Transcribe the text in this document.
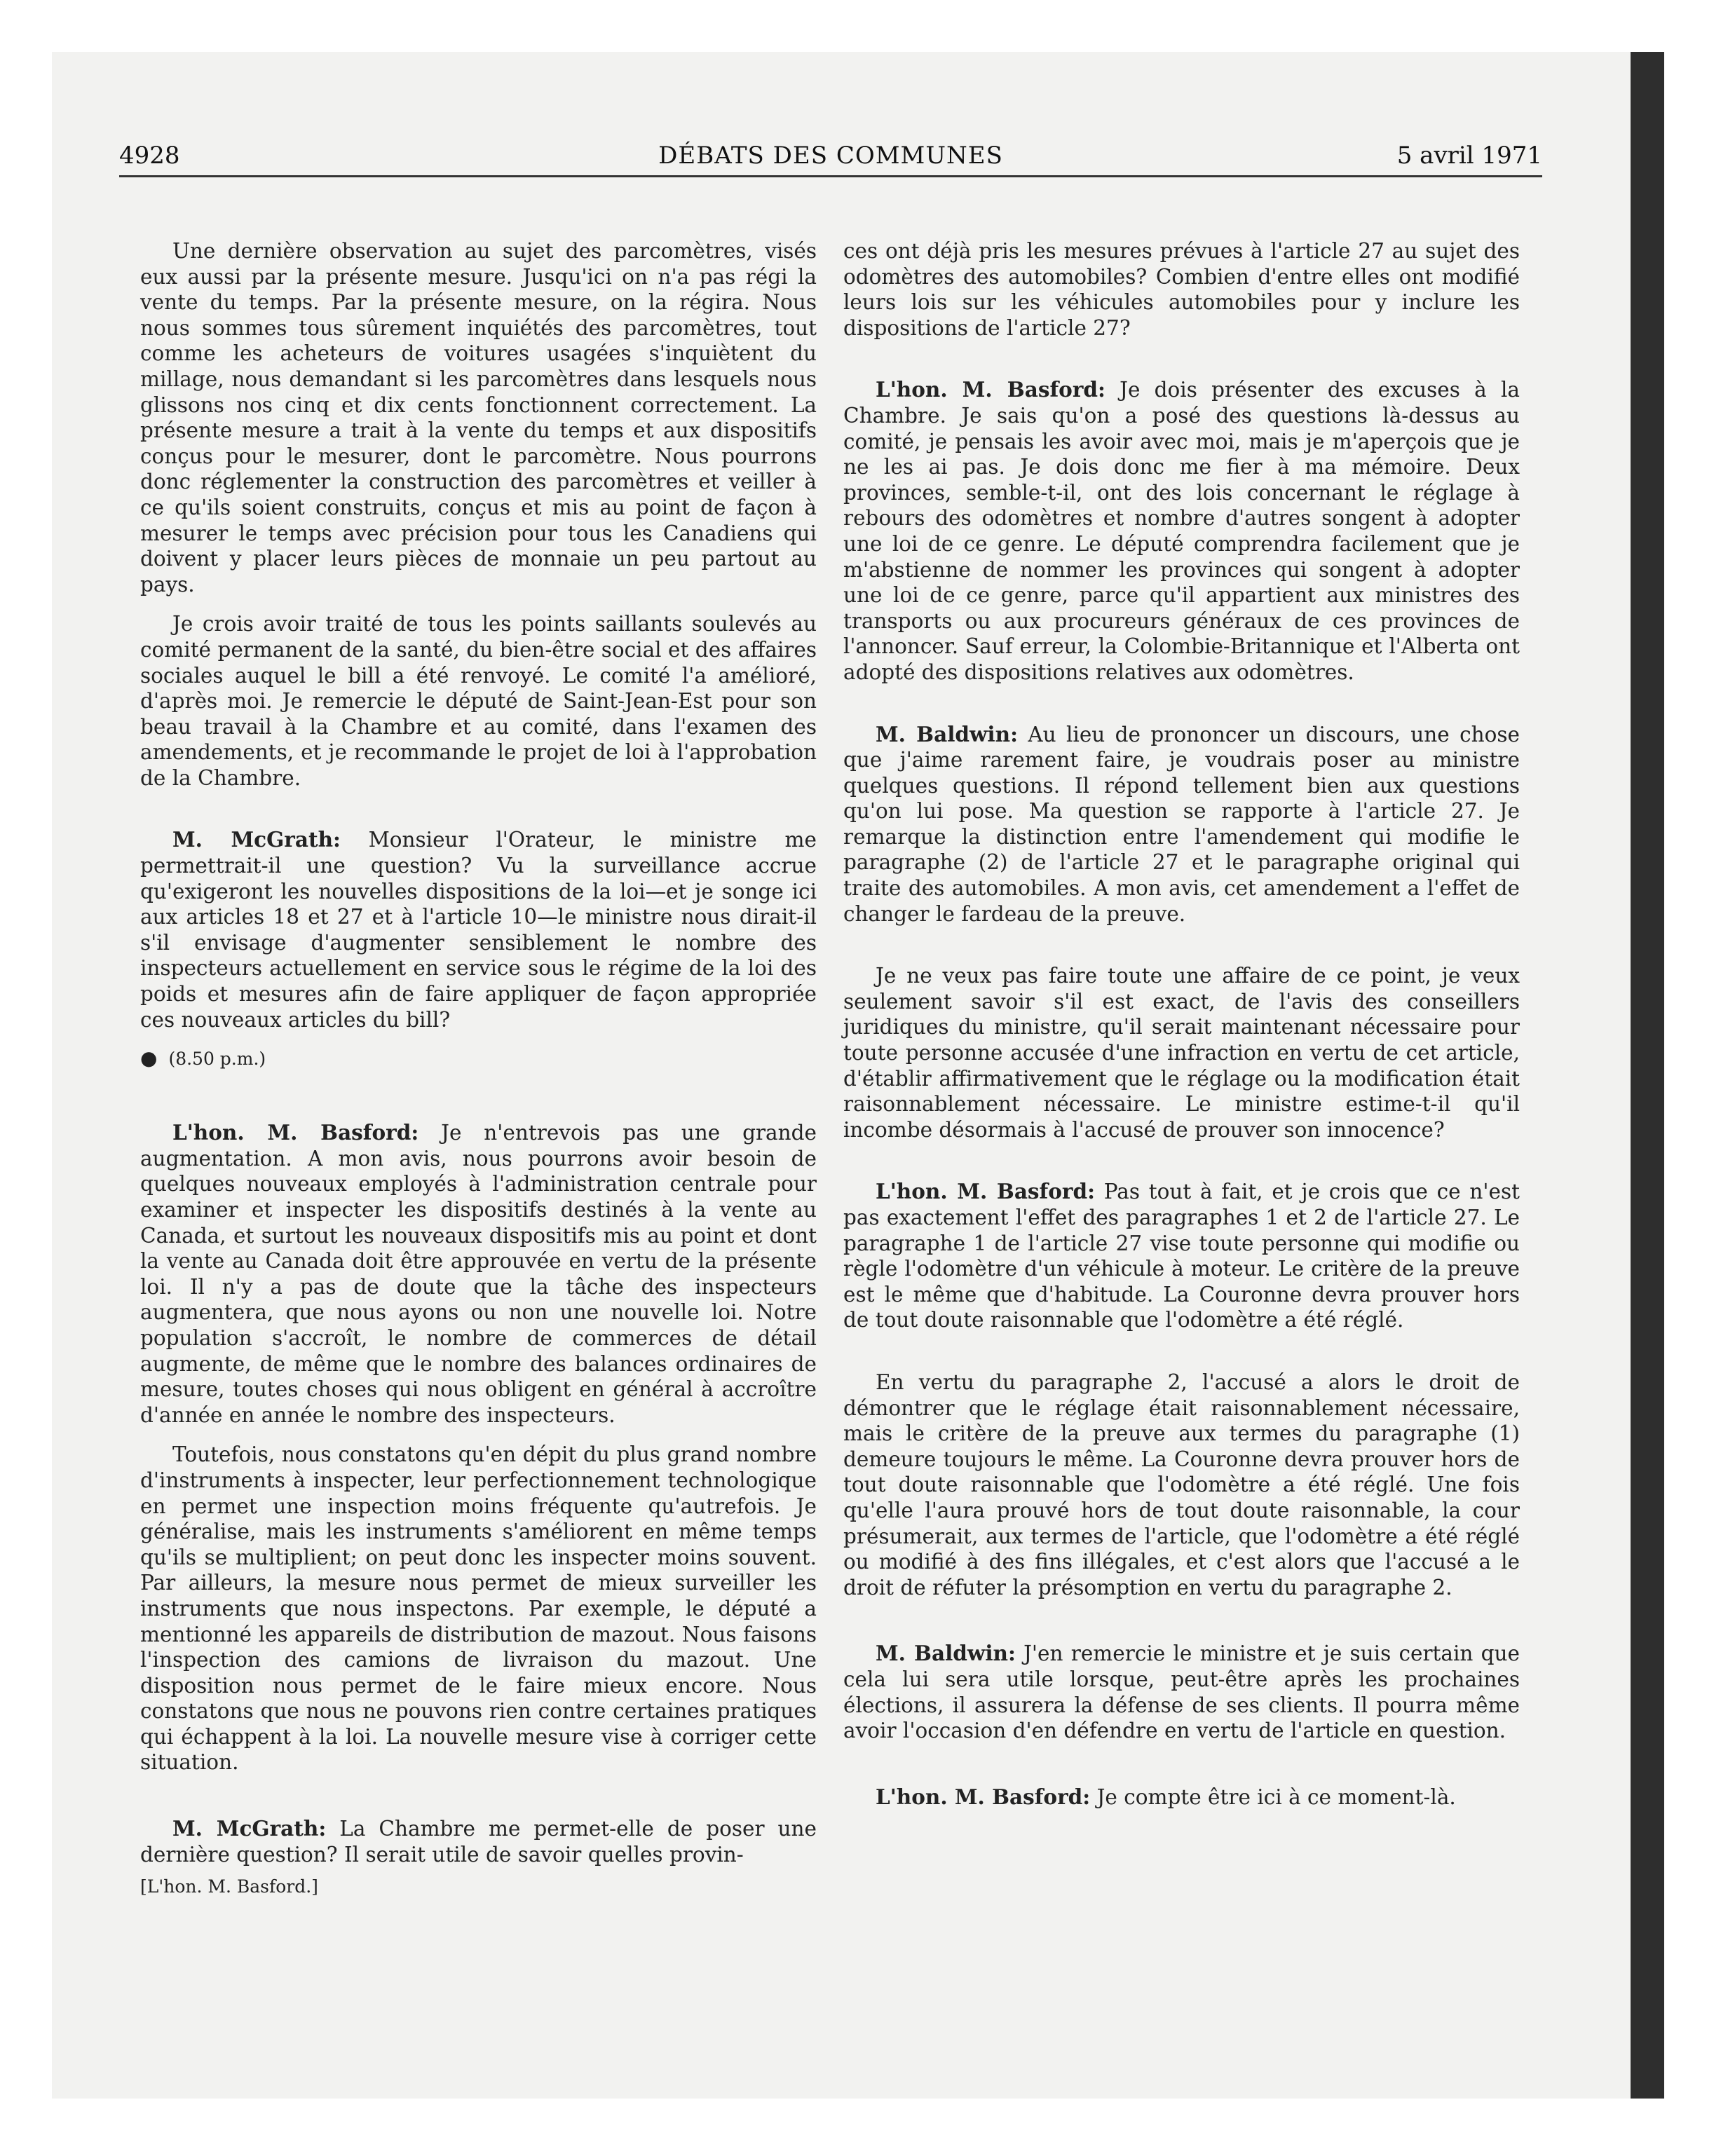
4928	DÉBATS DES COMMUNES	5 avril 1971

Une dernière observation au sujet des parcomètres, visés eux aussi par la présente mesure. Jusqu'ici on n'a pas régi la vente du temps. Par la présente mesure, on la régira. Nous nous sommes tous sûrement inquiétés des parcomètres, tout comme les acheteurs de voitures usagées s'inquiètent du millage, nous demandant si les parcomètres dans lesquels nous glissons nos cinq et dix cents fonctionnent correctement. La présente mesure a trait à la vente du temps et aux dispositifs conçus pour le mesurer, dont le parcomètre. Nous pourrons donc réglementer la construction des parcomètres et veiller à ce qu'ils soient construits, conçus et mis au point de façon à mesurer le temps avec précision pour tous les Canadiens qui doivent y placer leurs pièces de monnaie un peu partout au pays.

Je crois avoir traité de tous les points saillants soulevés au comité permanent de la santé, du bien-être social et des affaires sociales auquel le bill a été renvoyé. Le comité l'a amélioré, d'après moi. Je remercie le député de Saint-Jean-Est pour son beau travail à la Chambre et au comité, dans l'examen des amendements, et je recommande le projet de loi à l'approbation de la Chambre.

M. McGrath: Monsieur l'Orateur, le ministre me permettrait-il une question? Vu la surveillance accrue qu'exigeront les nouvelles dispositions de la loi—et je songe ici aux articles 18 et 27 et à l'article 10—le ministre nous dirait-il s'il envisage d'augmenter sensiblement le nombre des inspecteurs actuellement en service sous le régime de la loi des poids et mesures afin de faire appliquer de façon appropriée ces nouveaux articles du bill?

● (8.50 p.m.)

L'hon. M. Basford: Je n'entrevois pas une grande augmentation. A mon avis, nous pourrons avoir besoin de quelques nouveaux employés à l'administration centrale pour examiner et inspecter les dispositifs destinés à la vente au Canada, et surtout les nouveaux dispositifs mis au point et dont la vente au Canada doit être approuvée en vertu de la présente loi. Il n'y a pas de doute que la tâche des inspecteurs augmentera, que nous ayons ou non une nouvelle loi. Notre population s'accroît, le nombre de commerces de détail augmente, de même que le nombre des balances ordinaires de mesure, toutes choses qui nous obligent en général à accroître d'année en année le nombre des inspecteurs.

Toutefois, nous constatons qu'en dépit du plus grand nombre d'instruments à inspecter, leur perfectionnement technologique en permet une inspection moins fréquente qu'autrefois. Je généralise, mais les instruments s'améliorent en même temps qu'ils se multiplient; on peut donc les inspecter moins souvent. Par ailleurs, la mesure nous permet de mieux surveiller les instruments que nous inspectons. Par exemple, le député a mentionné les appareils de distribution de mazout. Nous faisons l'inspection des camions de livraison du mazout. Une disposition nous permet de le faire mieux encore. Nous constatons que nous ne pouvons rien contre certaines pratiques qui échappent à la loi. La nouvelle mesure vise à corriger cette situation.

M. McGrath: La Chambre me permet-elle de poser une dernière question? Il serait utile de savoir quelles provin-

[L'hon. M. Basford.]

ces ont déjà pris les mesures prévues à l'article 27 au sujet des odomètres des automobiles? Combien d'entre elles ont modifié leurs lois sur les véhicules automobiles pour y inclure les dispositions de l'article 27?

L'hon. M. Basford: Je dois présenter des excuses à la Chambre. Je sais qu'on a posé des questions là-dessus au comité, je pensais les avoir avec moi, mais je m'aperçois que je ne les ai pas. Je dois donc me fier à ma mémoire. Deux provinces, semble-t-il, ont des lois concernant le réglage à rebours des odomètres et nombre d'autres songent à adopter une loi de ce genre. Le député comprendra facilement que je m'abstienne de nommer les provinces qui songent à adopter une loi de ce genre, parce qu'il appartient aux ministres des transports ou aux procureurs généraux de ces provinces de l'annoncer. Sauf erreur, la Colombie-Britannique et l'Alberta ont adopté des dispositions relatives aux odomètres.

M. Baldwin: Au lieu de prononcer un discours, une chose que j'aime rarement faire, je voudrais poser au ministre quelques questions. Il répond tellement bien aux questions qu'on lui pose. Ma question se rapporte à l'article 27. Je remarque la distinction entre l'amendement qui modifie le paragraphe (2) de l'article 27 et le paragraphe original qui traite des automobiles. A mon avis, cet amendement a l'effet de changer le fardeau de la preuve.

Je ne veux pas faire toute une affaire de ce point, je veux seulement savoir s'il est exact, de l'avis des conseillers juridiques du ministre, qu'il serait maintenant nécessaire pour toute personne accusée d'une infraction en vertu de cet article, d'établir affirmativement que le réglage ou la modification était raisonnablement nécessaire. Le ministre estime-t-il qu'il incombe désormais à l'accusé de prouver son innocence?

L'hon. M. Basford: Pas tout à fait, et je crois que ce n'est pas exactement l'effet des paragraphes 1 et 2 de l'article 27. Le paragraphe 1 de l'article 27 vise toute personne qui modifie ou règle l'odomètre d'un véhicule à moteur. Le critère de la preuve est le même que d'habitude. La Couronne devra prouver hors de tout doute raisonnable que l'odomètre a été réglé.

En vertu du paragraphe 2, l'accusé a alors le droit de démontrer que le réglage était raisonnablement nécessaire, mais le critère de la preuve aux termes du paragraphe (1) demeure toujours le même. La Couronne devra prouver hors de tout doute raisonnable que l'odomètre a été réglé. Une fois qu'elle l'aura prouvé hors de tout doute raisonnable, la cour présumerait, aux termes de l'article, que l'odomètre a été réglé ou modifié à des fins illégales, et c'est alors que l'accusé a le droit de réfuter la présomption en vertu du paragraphe 2.

M. Baldwin: J'en remercie le ministre et je suis certain que cela lui sera utile lorsque, peut-être après les prochaines élections, il assurera la défense de ses clients. Il pourra même avoir l'occasion d'en défendre en vertu de l'article en question.

L'hon. M. Basford: Je compte être ici à ce moment-là.
